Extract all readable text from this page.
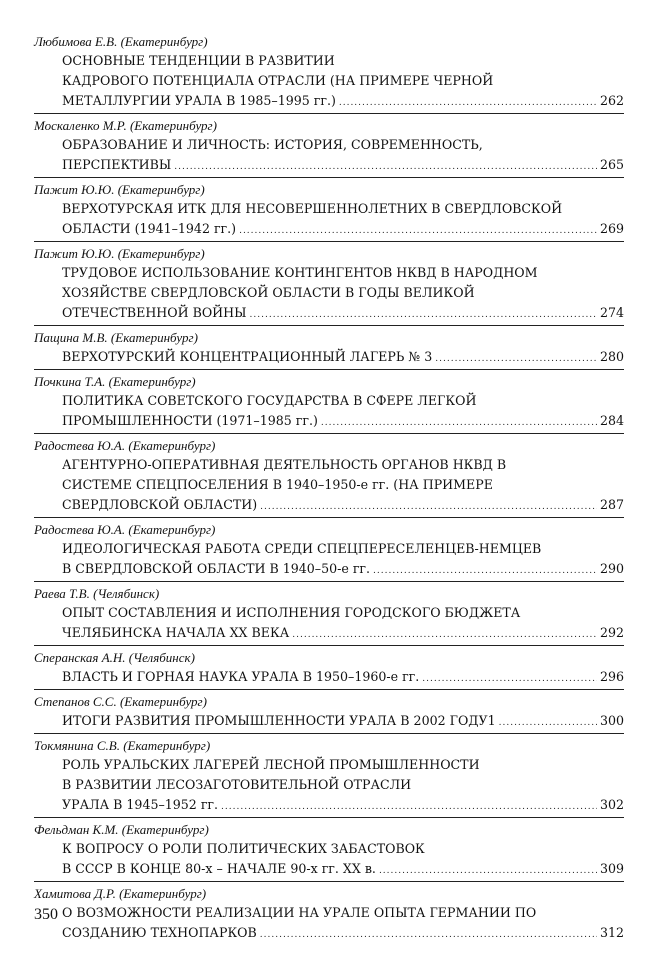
Любимова Е.В. (Екатеринбург)
ОСНОВНЫЕ ТЕНДЕНЦИИ В РАЗВИТИИ
КАДРОВОГО ПОТЕНЦИАЛА ОТРАСЛИ (НА ПРИМЕРЕ ЧЕРНОЙ
МЕТАЛЛУРГИИ УРАЛА В 1985–1995 гг.) .....	262
Москаленко М.Р. (Екатеринбург)
ОБРАЗОВАНИЕ И ЛИЧНОСТЬ: ИСТОРИЯ, СОВРЕМЕННОСТЬ,
ПЕРСПЕКТИВЫ .....	265
Пажит Ю.Ю. (Екатеринбург)
ВЕРХОТУРСКАЯ ИТК ДЛЯ НЕСОВЕРШЕННОЛЕТНИХ В СВЕРДЛОВСКОЙ
ОБЛАСТИ (1941–1942 гг.) .....	269
Пажит Ю.Ю. (Екатеринбург)
ТРУДОВОЕ ИСПОЛЬЗОВАНИЕ КОНТИНГЕНТОВ НКВД В НАРОДНОМ
ХОЗЯЙСТВЕ СВЕРДЛОВСКОЙ ОБЛАСТИ В ГОДЫ ВЕЛИКОЙ
ОТЕЧЕСТВЕННОЙ ВОЙНЫ .....	274
Пащина М.В. (Екатеринбург)
ВЕРХОТУРСКИЙ КОНЦЕНТРАЦИОННЫЙ ЛАГЕРЬ № 3 .....	280
Почкина Т.А. (Екатеринбург)
ПОЛИТИКА СОВЕТСКОГО ГОСУДАРСТВА В СФЕРЕ ЛЕГКОЙ
ПРОМЫШЛЕННОСТИ (1971–1985 гг.) .....	284
Радостева Ю.А. (Екатеринбург)
АГЕНТУРНО-ОПЕРАТИВНАЯ ДЕЯТЕЛЬНОСТЬ ОРГАНОВ НКВД В
СИСТЕМЕ СПЕЦПОСЕЛЕНИЯ В 1940–1950-е гг. (НА ПРИМЕРЕ
СВЕРДЛОВСКОЙ ОБЛАСТИ) .....	287
Радостева Ю.А. (Екатеринбург)
ИДЕОЛОГИЧЕСКАЯ РАБОТА СРЕДИ СПЕЦПЕРЕСЕЛЕНЦЕВ-НЕМЦЕВ
В СВЕРДЛОВСКОЙ ОБЛАСТИ В 1940–50-е гг. .....	290
Раева Т.В. (Челябинск)
ОПЫТ СОСТАВЛЕНИЯ И ИСПОЛНЕНИЯ ГОРОДСКОГО БЮДЖЕТА
ЧЕЛЯБИНСКА НАЧАЛА XX ВЕКА .....	292
Сперанская А.Н. (Челябинск)
ВЛАСТЬ И ГОРНАЯ НАУКА УРАЛА В 1950–1960-е гг. .....	296
Степанов С.С. (Екатеринбург)
ИТОГИ РАЗВИТИЯ ПРОМЫШЛЕННОСТИ УРАЛА В 2002 ГОДУ1 .....	300
Токмянина С.В. (Екатеринбург)
РОЛЬ УРАЛЬСКИХ ЛАГЕРЕЙ ЛЕСНОЙ ПРОМЫШЛЕННОСТИ
В РАЗВИТИИ ЛЕСОЗАГОТОВИТЕЛЬНОЙ ОТРАСЛИ
УРАЛА В 1945–1952 гг. .....	302
Фельдман К.М. (Екатеринбург)
К ВОПРОСУ О РОЛИ ПОЛИТИЧЕСКИХ ЗАБАСТОВОК
В СССР В КОНЦЕ 80-х – НАЧАЛЕ 90-х гг. XX в. .....	309
Хамитова Д.Р. (Екатеринбург)
О ВОЗМОЖНОСТИ РЕАЛИЗАЦИИ НА УРАЛЕ ОПЫТА ГЕРМАНИИ ПО
СОЗДАНИЮ ТЕХНОПАРКОВ .....	312
350
